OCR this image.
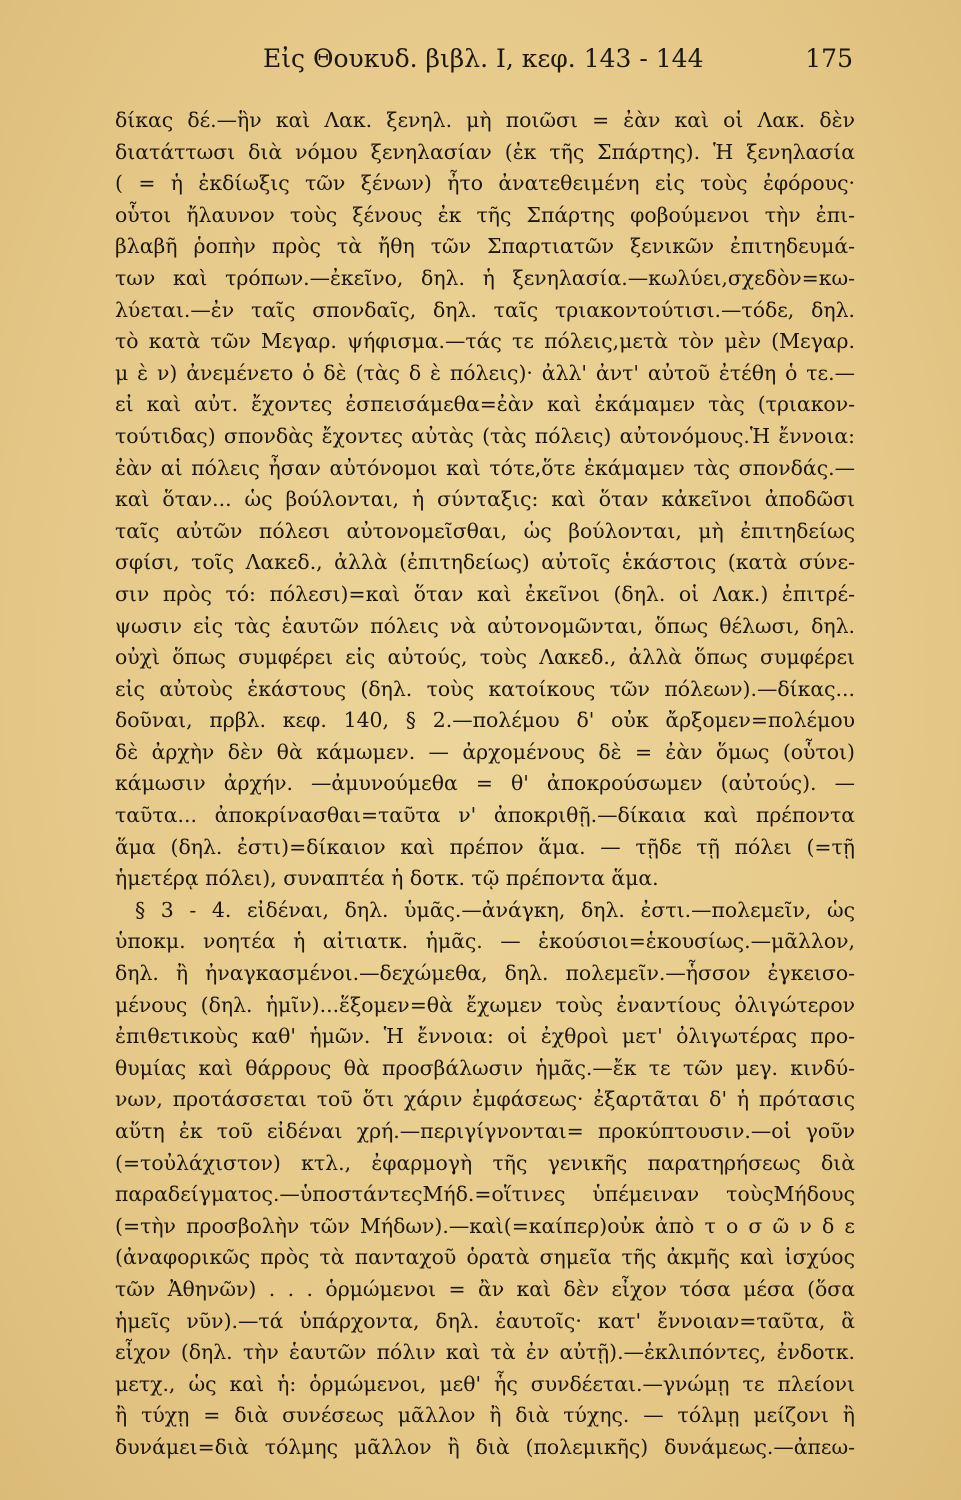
Εἰς Θουκυδ. βιβλ. Ι, κεφ. 143 - 144	175
δίκας δέ.—ἣν καὶ Λακ. ξενηλ. μὴ ποιῶσι = ἐὰν καὶ οἱ Λακ. δὲν
διατάττωσι διὰ νόμου ξενηλασίαν (ἐκ τῆς Σπάρτης). Ἡ ξενηλασία
( = ἡ ἐκδίωξις τῶν ξένων) ἦτο ἀνατεθειμένη εἰς τοὺς ἐφόρους·
οὗτοι ἤλαυνον τοὺς ξένους ἐκ τῆς Σπάρτης φοβούμενοι τὴν ἐπι-
βλαβῆ ῥοπὴν πρὸς τὰ ἤθη τῶν Σπαρτιατῶν ξενικῶν ἐπιτηδευμά-
των καὶ τρόπων.—ἐκεῖνο, δηλ. ἡ ξενηλασία.—κωλύει,σχεδὸν=κω-
λύεται.—ἐν ταῖς σπονδαῖς, δηλ. ταῖς τριακοντούτισι.—τόδε, δηλ.
τὸ κατὰ τῶν Μεγαρ. ψήφισμα.—τάς τε πόλεις,μετὰ τὸν μὲν (Μεγαρ.
μ ὲ ν) ἀνεμένετο ὁ δὲ (τὰς δ ὲ πόλεις)· ἀλλ' ἀντ' αὐτοῦ ἐτέθη ὁ τε.—
εἰ καὶ αὐτ. ἔχοντες ἐσπεισάμεθα=ἐὰν καὶ ἐκάμαμεν τὰς (τριακον-
τούτιδας) σπονδὰς ἔχοντες αὐτὰς (τὰς πόλεις) αὐτονόμους.Ἡ ἔννοια:
ἐὰν αἱ πόλεις ἦσαν αὐτόνομοι καὶ τότε,ὅτε ἐκάμαμεν τὰς σπονδάς.—
καὶ ὅταν... ὡς βούλονται, ἡ σύνταξις: καὶ ὅταν κἀκεῖνοι ἀποδῶσι
ταῖς αὐτῶν πόλεσι αὐτονομεῖσθαι, ὡς βούλονται, μὴ ἐπιτηδείως
σφίσι, τοῖς Λακεδ., ἀλλὰ (ἐπιτηδείως) αὐτοῖς ἑκάστοις (κατὰ σύνε-
σιν πρὸς τό: πόλεσι)=καὶ ὅταν καὶ ἐκεῖνοι (δηλ. οἱ Λακ.) ἐπιτρέ-
ψωσιν εἰς τὰς ἑαυτῶν πόλεις νὰ αὐτονομῶνται, ὅπως θέλωσι, δηλ.
οὐχὶ ὅπως συμφέρει εἰς αὐτούς, τοὺς Λακεδ., ἀλλὰ ὅπως συμφέρει
εἰς αὐτοὺς ἑκάστους (δηλ. τοὺς κατοίκους τῶν πόλεων).—δίκας...
δοῦναι, πρβλ. κεφ. 140, § 2.—πολέμου δ' οὐκ ἄρξομεν=πολέμου
δὲ ἀρχὴν δὲν θὰ κάμωμεν. — ἀρχομένους δὲ = ἐὰν ὅμως (οὗτοι)
κάμωσιν ἀρχήν. —ἀμυνούμεθα = θ' ἀποκρούσωμεν (αὐτούς). —
ταῦτα... ἀποκρίνασθαι=ταῦτα ν' ἀποκριθῇ.—δίκαια καὶ πρέποντα
ἅμα (δηλ. ἐστι)=δίκαιον καὶ πρέπον ἅμα. — τῇδε τῇ πόλει (=τῇ
ἡμετέρᾳ πόλει), συναπτέα ἡ δοτκ. τῷ πρέποντα ἅμα.
§ 3 - 4. εἰδέναι, δηλ. ὑμᾶς.—ἀνάγκη, δηλ. ἐστι.—πολεμεῖν, ὡς
ὑποκμ. νοητέα ἡ αἰτιατκ. ἡμᾶς. — ἑκούσιοι=ἑκουσίως.—μᾶλλον,
δηλ. ἢ ἠναγκασμένοι.—δεχώμεθα, δηλ. πολεμεῖν.—ἧσσον ἐγκεισο-
μένους (δηλ. ἡμῖν)...ἕξομεν=θὰ ἔχωμεν τοὺς ἐναντίους ὀλιγώτερον
ἐπιθετικοὺς καθ' ἡμῶν. Ἡ ἔννοια: οἱ ἐχθροὶ μετ' ὀλιγωτέρας προ-
θυμίας καὶ θάρρους θὰ προσβάλωσιν ἡμᾶς.—ἔκ τε τῶν μεγ. κινδύ-
νων, προτάσσεται τοῦ ὅτι χάριν ἐμφάσεως· ἐξαρτᾶται δ' ἡ πρότασις
αὕτη ἐκ τοῦ εἰδέναι χρή.—περιγίγνονται= προκύπτουσιν.—οἱ γοῦν
(=τοὐλάχιστον) κτλ., ἐφαρμογὴ τῆς γενικῆς παρατηρήσεως διὰ
παραδείγματος.—ὑποστάντεςΜήδ.=οἵτινες ὑπέμειναν τοὺςΜήδους
(=τὴν προσβολὴν τῶν Μήδων).—καὶ(=καίπερ)οὐκ ἀπὸ τ ο σ ῶ ν δ ε
(ἀναφορικῶς πρὸς τὰ πανταχοῦ ὁρατὰ σημεῖα τῆς ἀκμῆς καὶ ἰσχύος
τῶν Ἀθηνῶν) . . . ὁρμώμενοι = ἂν καὶ δὲν εἶχον τόσα μέσα (ὅσα
ἡμεῖς νῦν).—τά ὑπάρχοντα, δηλ. ἑαυτοῖς· κατ' ἔννοιαν=ταῦτα, ἃ
εἶχον (δηλ. τὴν ἑαυτῶν πόλιν καὶ τὰ ἐν αὐτῇ).—ἐκλιπόντες, ἐνδοτκ.
μετχ., ὡς καὶ ἡ: ὁρμώμενοι, μεθ' ἧς συνδέεται.—γνώμῃ τε πλείονι
ἢ τύχῃ = διὰ συνέσεως μᾶλλον ἢ διὰ τύχης. — τόλμῃ μείζονι ἢ
δυνάμει=διὰ τόλμης μᾶλλον ἢ διὰ (πολεμικῆς) δυνάμεως.—ἀπεω-
